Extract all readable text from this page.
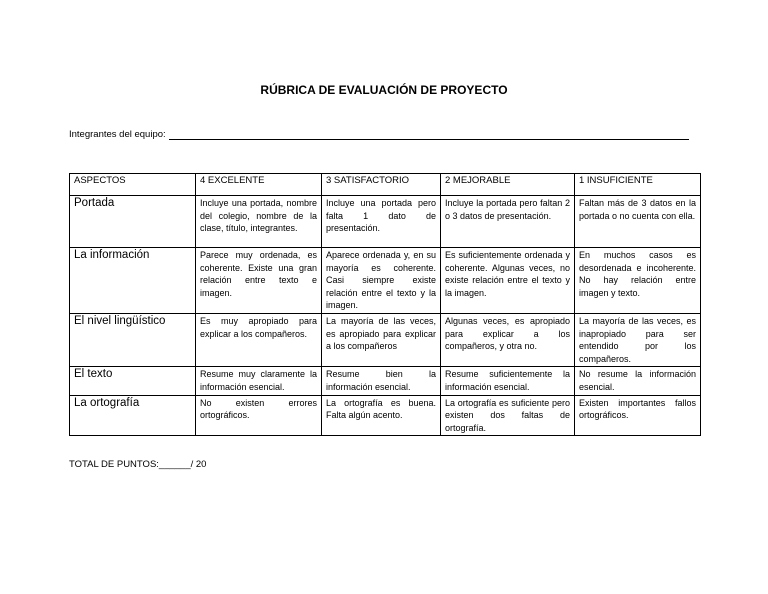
RÚBRICA DE EVALUACIÓN DE PROYECTO
Integrantes del equipo:
ASPECTOS	4 EXCELENTE	3 SATISFACTORIO	2 MEJORABLE	1 INSUFICIENTE
Portada	Incluye una portada, nombre del colegio, nombre de la clase, título, integrantes.	Incluye una portada pero falta 1 dato de presentación.	Incluye la portada pero faltan 2 o 3 datos de presentación.	Faltan más de 3 datos en la portada o no cuenta con ella.
La información	Parece muy ordenada, es coherente. Existe una gran relación entre texto e imagen.	Aparece ordenada y, en su mayoría es coherente. Casi siempre existe relación entre el texto y la imagen.	Es suficientemente ordenada y coherente. Algunas veces, no existe relación entre el texto y la imagen.	En muchos casos es desordenada e incoherente. No hay relación entre imagen y texto.
El nivel lingüístico	Es muy apropiado para explicar a los compañeros.	La mayoría de las veces, es apropiado para explicar a los compañeros	Algunas veces, es apropiado para explicar a los compañeros, y otra no.	La mayoría de las veces, es inapropiado para ser entendido por los compañeros.
El texto	Resume muy claramente la información esencial.	Resume bien la información esencial.	Resume suficientemente la información esencial.	No resume la información esencial.
La ortografía	No existen errores ortográficos.	La ortografía es buena. Falta algún acento.	La ortografía es suficiente pero existen dos faltas de ortografía.	Existen importantes fallos ortográficos.
TOTAL DE PUNTOS:______/ 20
